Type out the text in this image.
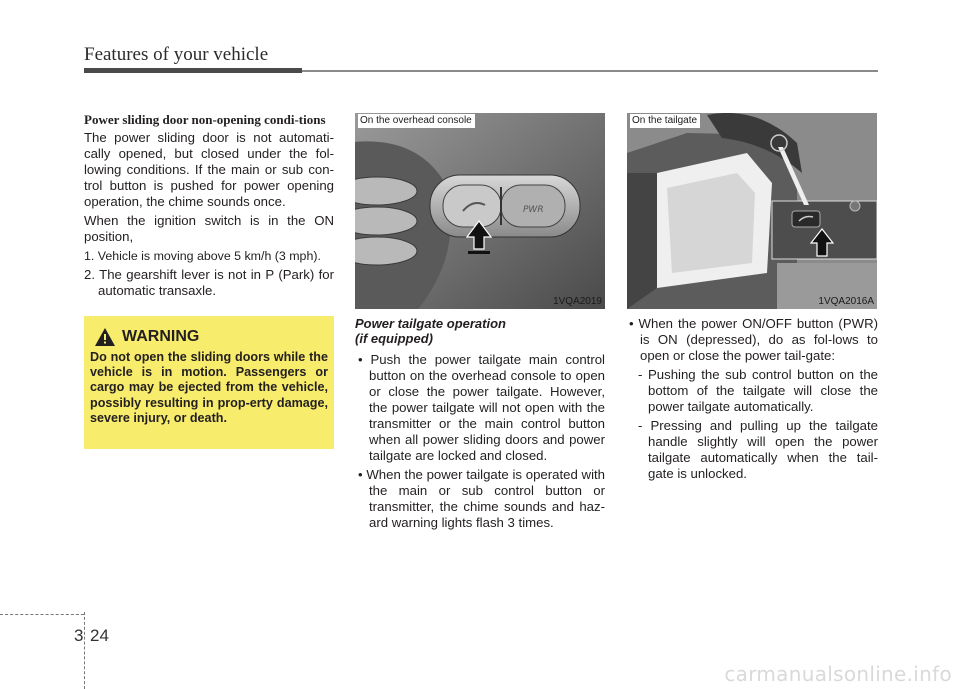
Features of your vehicle
Power sliding door non-opening condi-tions

The power sliding door is not automati-cally opened, but closed under the fol-lowing conditions. If the main or sub con-trol button is pushed for power opening operation, the chime sounds once.

When the ignition switch is in the ON position,

1. Vehicle is moving above 5 km/h (3 mph).

2. The gearshift lever is not in P (Park) for automatic transaxle.

WARNING
Do not open the sliding doors while the vehicle is in motion. Passengers or cargo may be ejected from the vehicle, possibly resulting in prop-erty damage, severe injury, or death.
PWR
On the overhead console
1VQA2019
On the tailgate
1VQA2016A
Power tailgate operation
(if equipped)

• Push the power tailgate main control button on the overhead console to open or close the power tailgate. However, the power tailgate will not open with the transmitter or the main control button when all power sliding doors and power tailgate are locked and closed.

• When the power tailgate is operated with the main or sub control button or transmitter, the chime sounds and haz-ard warning lights flash 3 times.

• When the power ON/OFF button (PWR) is ON (depressed), do as fol-lows to open or close the power tail-gate:

- Pushing the sub control button on the bottom of the tailgate will close the power tailgate automatically.

- Pressing and pulling up the tailgate handle slightly will open the power tailgate automatically when the tail-gate is unlocked.

3 24
carmanualsonline.info
